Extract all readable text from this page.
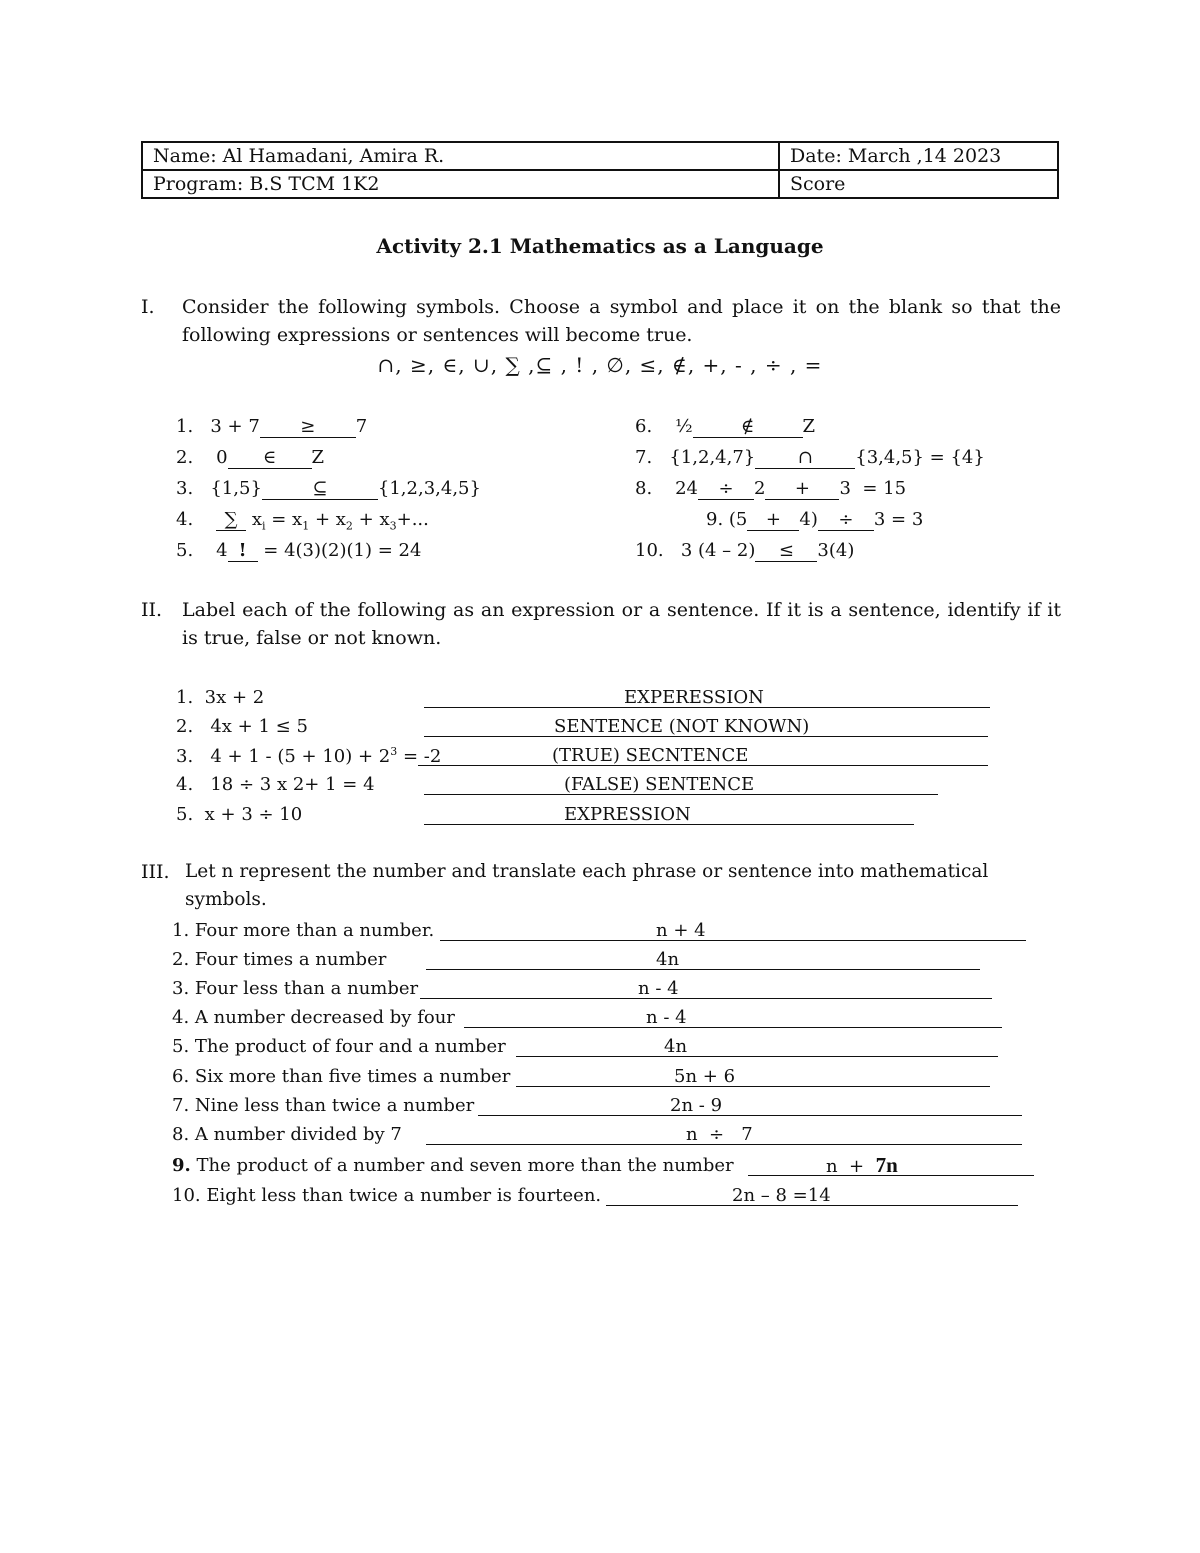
Name: Al Hamadani, Amira R.	Date: March ,14 2023
Program: B.S TCM 1K2	Score
Activity 2.1 Mathematics as a Language
I. Consider the following symbols. Choose a symbol and place it on the blank so that the following expressions or sentences will become true.
∩, ≥, ∈, ∪, ∑ ,⊆ , ! , ∅, ≤, ∉, +, - , ÷ , =
1. 3 + 7 ≥ 7
2. 0 ∈ Z
3. {1,5}	⊆	{1,2,3,4,5}
4. ∑ $x_i = x_1 + x_2 + x_3+$...
5. 4 ! = 4(3)(2)(1) = 24
6. ½	∉	Z
7. {1,2,4,7} ∩ {3,4,5} = {4}
8. 24 ÷ 2 + 3 = 15
9. (5 + 4) ÷ 3 = 3
10. 3 (4 – 2) ≤ 3(4)
II. Label each of the following as an expression or a sentence. If it is a sentence, identify if it is true, false or not known.
1. 3x + 2	EXPERESSION
2. 4x + 1 ≤ 5	SENTENCE (NOT KNOWN)
3. $4 + 1 - (5 + 10) + 2^3 = -2$	(TRUE) SECNTENCE
4. 18 ÷ 3 x 2+ 1 = 4	(FALSE) SENTENCE
5. x + 3 ÷ 10	EXPRESSION
III. Let n represent the number and translate each phrase or sentence into mathematical symbols.
1. Four more than a number.	n + 4
2. Four times a number	4n
3. Four less than a number	n - 4
4. A number decreased by four	n - 4
5. The product of four and a number	4n
6. Six more than five times a number	5n + 6
7. Nine less than twice a number	2n - 9
8. A number divided by 7	n  ÷   7
9. The product of a number and seven more than the number	n  + 7n
10. Eight less than twice a number is fourteen.	2n – 8 =14
